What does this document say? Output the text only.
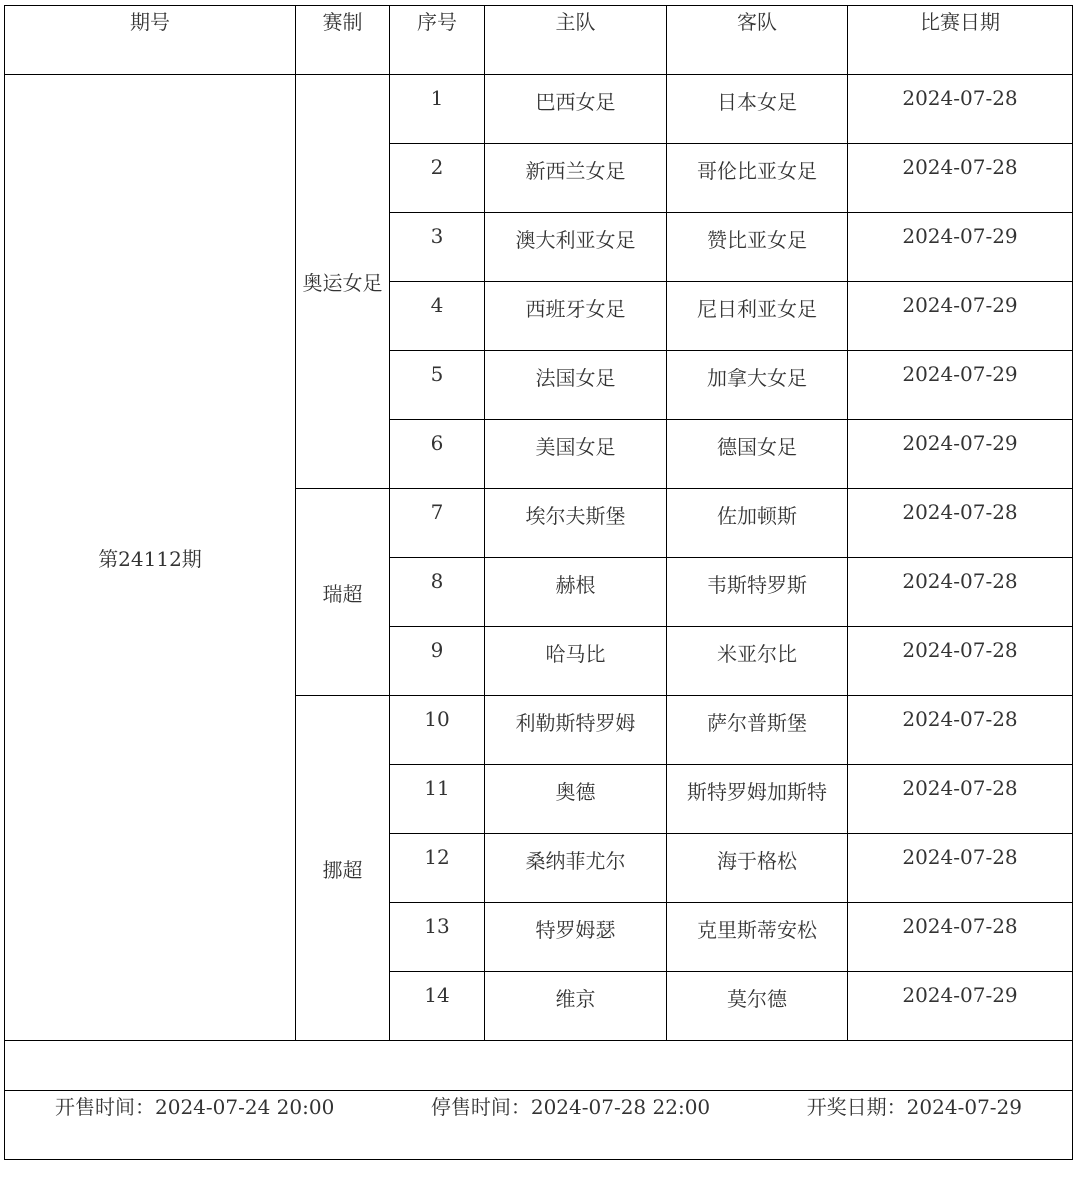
期号	赛制	序号	主队	客队	比赛日期
第24112期	奥运女足	1	巴西女足	日本女足	2024-07-28
		2	新西兰女足	哥伦比亚女足	2024-07-28
		3	澳大利亚女足	赞比亚女足	2024-07-29
		4	西班牙女足	尼日利亚女足	2024-07-29
		5	法国女足	加拿大女足	2024-07-29
		6	美国女足	德国女足	2024-07-29
	瑞超	7	埃尔夫斯堡	佐加顿斯	2024-07-28
		8	赫根	韦斯特罗斯	2024-07-28
		9	哈马比	米亚尔比	2024-07-28
	挪超	10	利勒斯特罗姆	萨尔普斯堡	2024-07-28
		11	奥德	斯特罗姆加斯特	2024-07-28
		12	桑纳菲尤尔	海于格松	2024-07-28
		13	特罗姆瑟	克里斯蒂安松	2024-07-28
		14	维京	莫尔德	2024-07-29

开售时间：2024-07-24 20:00 停售时间：2024-07-28 22:00 开奖日期：2024-07-29					
